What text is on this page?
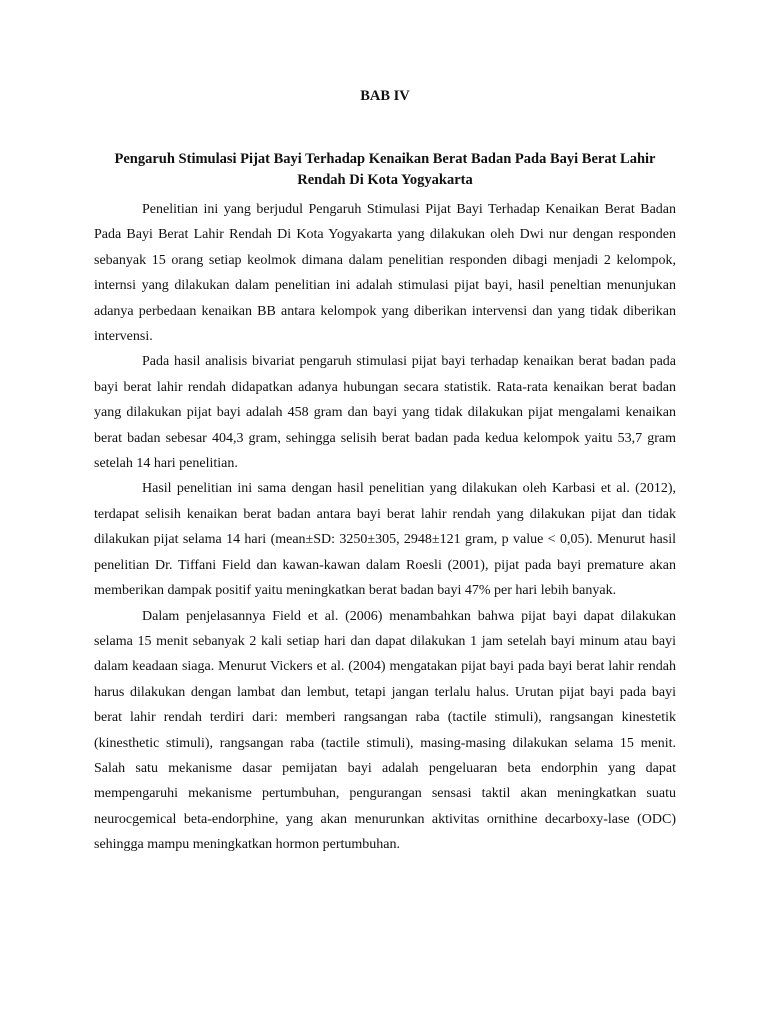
BAB IV
Pengaruh Stimulasi Pijat Bayi Terhadap Kenaikan Berat Badan Pada Bayi Berat Lahir Rendah Di Kota Yogyakarta

Penelitian ini yang berjudul Pengaruh Stimulasi Pijat Bayi Terhadap Kenaikan Berat Badan Pada Bayi Berat Lahir Rendah Di Kota Yogyakarta yang dilakukan oleh Dwi nur dengan responden sebanyak 15 orang setiap keolmok dimana dalam penelitian responden dibagi menjadi 2 kelompok, internsi yang dilakukan dalam penelitian ini adalah stimulasi pijat bayi, hasil peneltian menunjukan adanya perbedaan kenaikan BB antara kelompok yang diberikan intervensi dan yang tidak diberikan intervensi.

Pada hasil analisis bivariat pengaruh stimulasi pijat bayi terhadap kenaikan berat badan pada bayi berat lahir rendah didapatkan adanya hubungan secara statistik. Rata-rata kenaikan berat badan yang dilakukan pijat bayi adalah 458 gram dan bayi yang tidak dilakukan pijat mengalami kenaikan berat badan sebesar 404,3 gram, sehingga selisih berat badan pada kedua kelompok yaitu 53,7 gram setelah 14 hari penelitian.

Hasil penelitian ini sama dengan hasil penelitian yang dilakukan oleh Karbasi et al. (2012), terdapat selisih kenaikan berat badan antara bayi berat lahir rendah yang dilakukan pijat dan tidak dilakukan pijat selama 14 hari (mean±SD: 3250±305, 2948±121 gram, p value < 0,05). Menurut hasil penelitian Dr. Tiffani Field dan kawan-kawan dalam Roesli (2001), pijat pada bayi premature akan memberikan dampak positif yaitu meningkatkan berat badan bayi 47% per hari lebih banyak.

Dalam penjelasannya Field et al. (2006) menambahkan bahwa pijat bayi dapat dilakukan selama 15 menit sebanyak 2 kali setiap hari dan dapat dilakukan 1 jam setelah bayi minum atau bayi dalam keadaan siaga. Menurut Vickers et al. (2004) mengatakan pijat bayi pada bayi berat lahir rendah harus dilakukan dengan lambat dan lembut, tetapi jangan terlalu halus. Urutan pijat bayi pada bayi berat lahir rendah terdiri dari: memberi rangsangan raba (tactile stimuli), rangsangan kinestetik (kinesthetic stimuli), rangsangan raba (tactile stimuli), masing-masing dilakukan selama 15 menit. Salah satu mekanisme dasar pemijatan bayi adalah pengeluaran beta endorphin yang dapat mempengaruhi mekanisme pertumbuhan, pengurangan sensasi taktil akan meningkatkan suatu neurocgemical beta-endorphine, yang akan menurunkan aktivitas ornithine decarboxy-lase (ODC) sehingga mampu meningkatkan hormon pertumbuhan.
